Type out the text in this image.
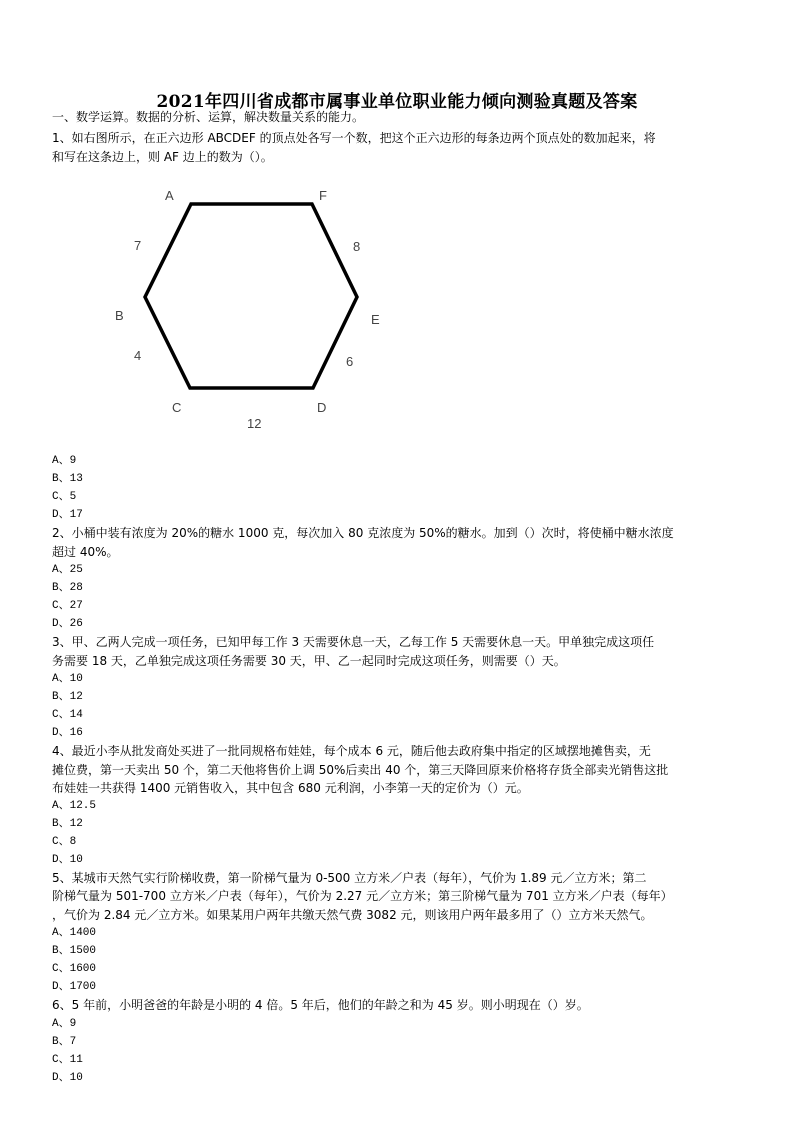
2021年四川省成都市属事业单位职业能力倾向测验真题及答案
一、数学运算。数据的分析、运算，解决数量关系的能力。
1、如右图所示，在正六边形 ABCDEF 的顶点处各写一个数，把这个正六边形的每条边两个顶点处的数加起来，将
和写在这条边上，则 AF 边上的数为（）。
A	F
E
D
C
B
7	8
4	6
12
A、9
B、13
C、5
D、17
2、小桶中装有浓度为 20%的糖水 1000 克，每次加入 80 克浓度为 50%的糖水。加到（）次时，将使桶中糖水浓度
超过 40%。
A、25
B、28
C、27
D、26
3、甲、乙两人完成一项任务，已知甲每工作 3 天需要休息一天，乙每工作 5 天需要休息一天。甲单独完成这项任
务需要 18 天，乙单独完成这项任务需要 30 天，甲、乙一起同时完成这项任务，则需要（）天。
A、10
B、12
C、14
D、16
4、最近小李从批发商处买进了一批同规格布娃娃，每个成本 6 元，随后他去政府集中指定的区域摆地摊售卖，无
摊位费，第一天卖出 50 个，第二天他将售价上调 50%后卖出 40 个，第三天降回原来价格将存货全部卖光销售这批
布娃娃一共获得 1400 元销售收入，其中包含 680 元利润，小李第一天的定价为（）元。
A、12.5
B、12
C、8
D、10
5、某城市天然气实行阶梯收费，第一阶梯气量为 0-500 立方米／户表（每年），气价为 1.89 元／立方米；第二
阶梯气量为 501-700 立方米／户表（每年），气价为 2.27 元／立方米；第三阶梯气量为 701 立方米／户表（每年）
，气价为 2.84 元／立方米。如果某用户两年共缴天然气费 3082 元，则该用户两年最多用了（）立方米天然气。
A、1400
B、1500
C、1600
D、1700
6、5 年前，小明爸爸的年龄是小明的 4 倍。5 年后，他们的年龄之和为 45 岁。则小明现在（）岁。
A、9
B、7
C、11
D、10
